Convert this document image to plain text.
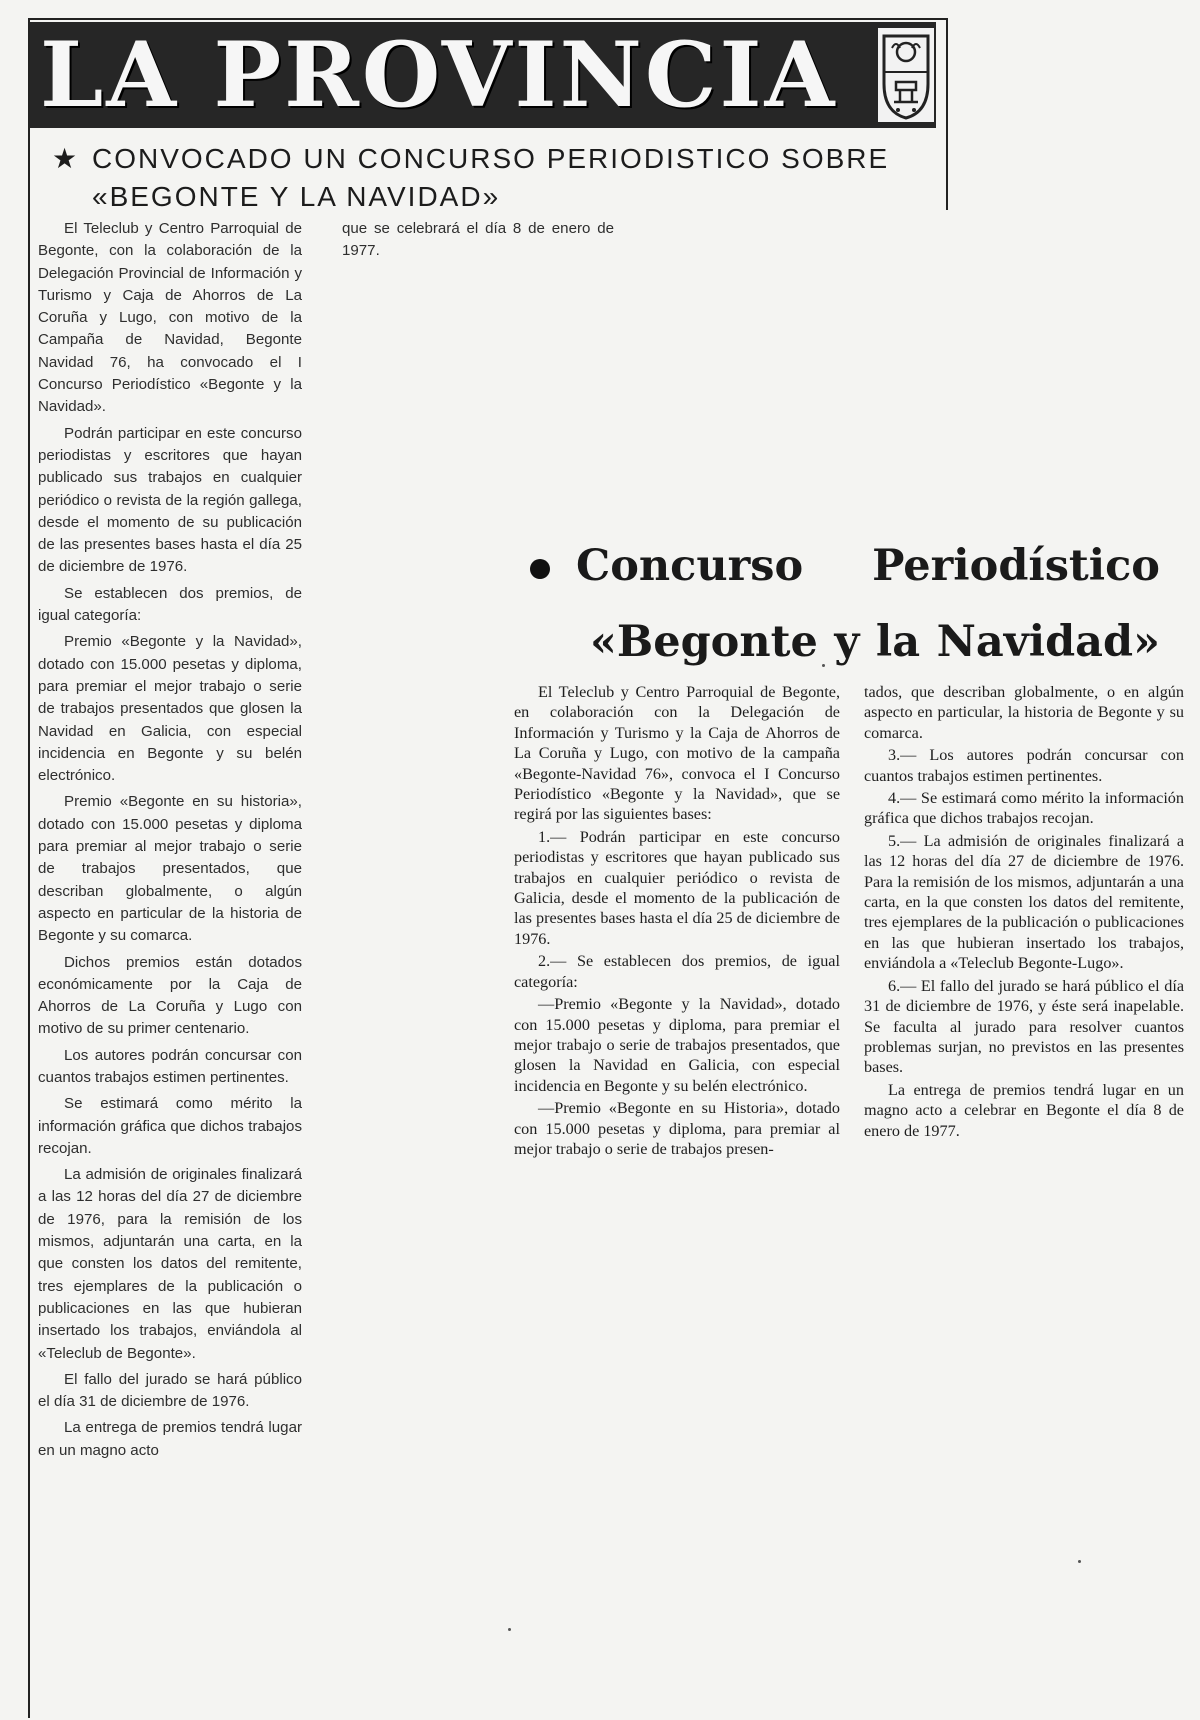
LA PROVINCIA
★ CONVOCADO UN CONCURSO PERIODISTICO SOBRE
«BEGONTE Y LA NAVIDAD»

El Teleclub y Centro Parroquial de Begonte, con la colaboración de la Delegación Provincial de Información y Turismo y Caja de Ahorros de La Coruña y Lugo, con motivo de la Campaña de Navidad, Begonte Navidad 76, ha convocado el I Concurso Periodístico «Begonte y la Navidad».

Podrán participar en este concurso periodistas y escritores que hayan publicado sus trabajos en cualquier periódico o revista de la región gallega, desde el momento de su publicación de las presentes bases hasta el día 25 de diciembre de 1976.

Se establecen dos premios, de igual categoría:

Premio «Begonte y la Navidad», dotado con 15.000 pesetas y diploma, para premiar el mejor trabajo o serie de trabajos presentados que glosen la Navidad en Galicia, con especial incidencia en Begonte y su belén electrónico.

Premio «Begonte en su historia», dotado con 15.000 pesetas y diploma para premiar al mejor trabajo o serie de trabajos presentados, que describan globalmente, o algún aspecto en particular de la historia de Begonte y su comarca.

Dichos premios están dotados económicamente por la Caja de Ahorros de La Coruña y Lugo con motivo de su primer centenario.

Los autores podrán concursar con cuantos trabajos estimen pertinentes.

Se estimará como mérito la información gráfica que dichos trabajos recojan.

La admisión de originales finalizará a las 12 horas del día 27 de diciembre de 1976, para la remisión de los mismos, adjuntarán una carta, en la que consten los datos del remitente, tres ejemplares de la publicación o publicaciones en las que hubieran insertado los trabajos, enviándola al «Teleclub de Begonte».

El fallo del jurado se hará público el día 31 de diciembre de 1976.

La entrega de premios tendrá lugar en un magno acto

que se celebrará el día 8 de enero de 1977.

Concurso Periodístico
«Begonte y la Navidad»

El Teleclub y Centro Parroquial de Begonte, en colaboración con la Delegación de Información y Turismo y la Caja de Ahorros de La Coruña y Lugo, con motivo de la campaña «Begonte-Navidad 76», convoca el I Concurso Periodístico «Begonte y la Navidad», que se regirá por las siguientes bases:

1.— Podrán participar en este concurso periodistas y escritores que hayan publicado sus trabajos en cualquier periódico o revista de Galicia, desde el momento de la publicación de las presentes bases hasta el día 25 de diciembre de 1976.

2.— Se establecen dos premios, de igual categoría:

—Premio «Begonte y la Navidad», dotado con 15.000 pesetas y diploma, para premiar el mejor trabajo o serie de trabajos presentados, que glosen la Navidad en Galicia, con especial incidencia en Begonte y su belén electrónico.

—Premio «Begonte en su Historia», dotado con 15.000 pesetas y diploma, para premiar al mejor trabajo o serie de trabajos presen-

tados, que describan globalmente, o en algún aspecto en particular, la historia de Begonte y su comarca.

3.— Los autores podrán concursar con cuantos trabajos estimen pertinentes.

4.— Se estimará como mérito la información gráfica que dichos trabajos recojan.

5.— La admisión de originales finalizará a las 12 horas del día 27 de diciembre de 1976. Para la remisión de los mismos, adjuntarán a una carta, en la que consten los datos del remitente, tres ejemplares de la publicación o publicaciones en las que hubieran insertado los trabajos, enviándola a «Teleclub Begonte-Lugo».

6.— El fallo del jurado se hará público el día 31 de diciembre de 1976, y éste será inapelable. Se faculta al jurado para resolver cuantos problemas surjan, no previstos en las presentes bases.

La entrega de premios tendrá lugar en un magno acto a celebrar en Begonte el día 8 de enero de 1977.
